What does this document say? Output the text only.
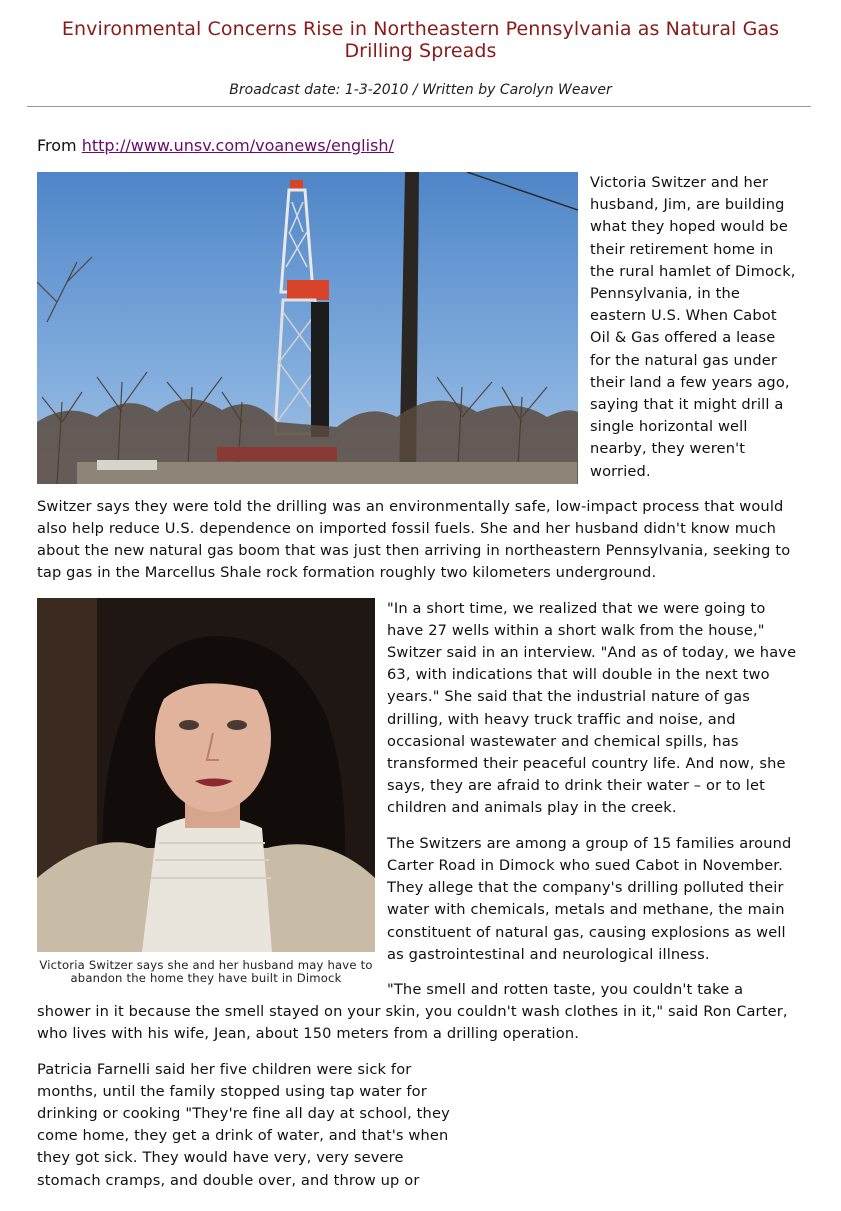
Environmental Concerns Rise in Northeastern Pennsylvania as Natural Gas Drilling Spreads
Broadcast date: 1-3-2010 / Written by Carolyn Weaver
From http://www.unsv.com/voanews/english/

Victoria Switzer and her husband, Jim, are building what they hoped would be their retirement home in the rural hamlet of Dimock, Pennsylvania, in the eastern U.S. When Cabot Oil & Gas offered a lease for the natural gas under their land a few years ago, saying that it might drill a single horizontal well nearby, they weren't worried.

Switzer says they were told the drilling was an environmentally safe, low-impact process that would also help reduce U.S. dependence on imported fossil fuels. She and her husband didn't know much about the new natural gas boom that was just then arriving in northeastern Pennsylvania, seeking to tap gas in the Marcellus Shale rock formation roughly two kilometers underground.

Victoria Switzer says she and her husband may have to abandon the home they have built in Dimock

"In a short time, we realized that we were going to have 27 wells within a short walk from the house," Switzer said in an interview. "And as of today, we have 63, with indications that will double in the next two years." She said that the industrial nature of gas drilling, with heavy truck traffic and noise, and occasional wastewater and chemical spills, has transformed their peaceful country life. And now, she says, they are afraid to drink their water – or to let children and animals play in the creek.

The Switzers are among a group of 15 families around Carter Road in Dimock who sued Cabot in November. They allege that the company's drilling polluted their water with chemicals, metals and methane, the main constituent of natural gas, causing explosions as well as gastrointestinal and neurological illness.

"The smell and rotten taste, you couldn't take a shower in it because the smell stayed on your skin, you couldn't wash clothes in it," said Ron Carter, who lives with his wife, Jean, about 150 meters from a drilling operation.

Patricia Farnelli said her five children were sick for months, until the family stopped using tap water for drinking or cooking "They're fine all day at school, they come home, they get a drink of water, and that's when they got sick. They would have very, very severe stomach cramps, and double over, and throw up or
